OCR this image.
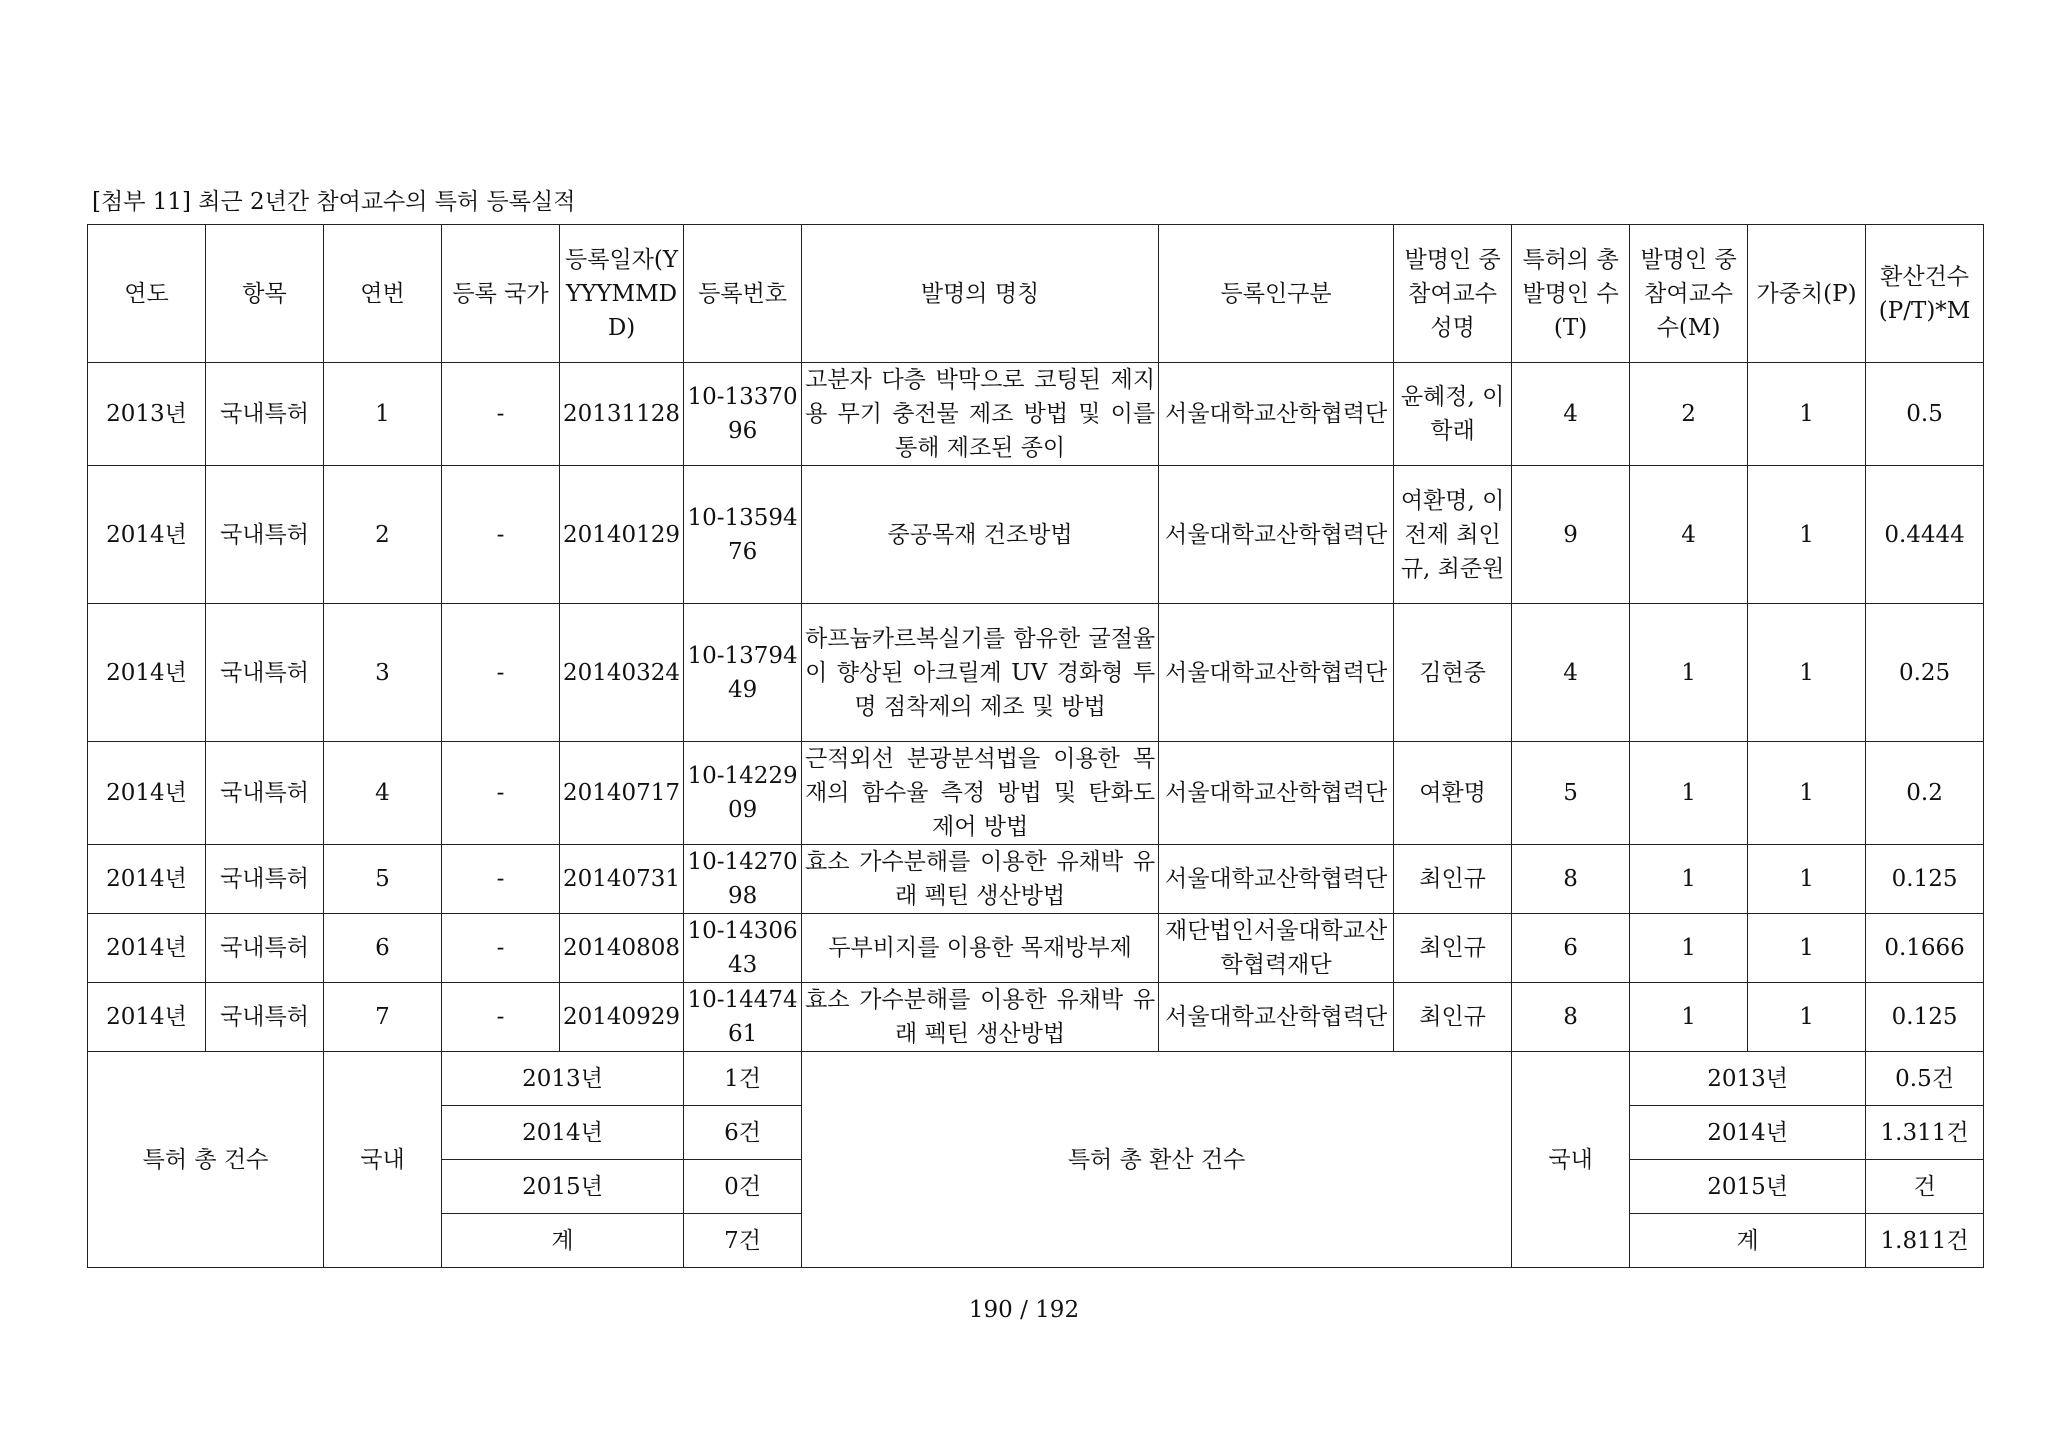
[첨부 11] 최근 2년간 참여교수의 특허 등록실적
연도	항목	연번	등록 국가	등록일자(YYYYMMDD)	등록번호	발명의 명칭	등록인구분	발명인 중 참여교수 성명	특허의 총 발명인 수(T)	발명인 중 참여교수 수(M)	가중치(P)	환산건수(P/T)*M
2013년	국내특허	1	-	20131128	10-1337096	고분자 다층 박막으로 코팅된 제지용 무기 충전물 제조 방법 및 이를 통해 제조된 종이	서울대학교산학협력단	윤혜정, 이학래	4	2	1	0.5
2014년	국내특허	2	-	20140129	10-1359476	중공목재 건조방법	서울대학교산학협력단	여환명, 이전제 최인규, 최준원	9	4	1	0.4444
2014년	국내특허	3	-	20140324	10-1379449	하프늄카르복실기를 함유한 굴절율이 향상된 아크릴계 UV 경화형 투명 점착제의 제조 및 방법	서울대학교산학협력단	김현중	4	1	1	0.25
2014년	국내특허	4	-	20140717	10-1422909	근적외선 분광분석법을 이용한 목재의 함수율 측정 방법 및 탄화도 제어 방법	서울대학교산학협력단	여환명	5	1	1	0.2
2014년	국내특허	5	-	20140731	10-1427098	효소 가수분해를 이용한 유채박 유래 펙틴 생산방법	서울대학교산학협력단	최인규	8	1	1	0.125
2014년	국내특허	6	-	20140808	10-1430643	두부비지를 이용한 목재방부제	재단법인서울대학교산학협력재단	최인규	6	1	1	0.1666
2014년	국내특허	7	-	20140929	10-1447461	효소 가수분해를 이용한 유채박 유래 펙틴 생산방법	서울대학교산학협력단	최인규	8	1	1	0.125
특허 총 건수		국내	2013년		1건	특허 총 환산 건수			국내	2013년		0.5건
			2014년		6건					2014년		1.311건
			2015년		0건					2015년		건
			계		7건					계		1.811건
190 / 192
